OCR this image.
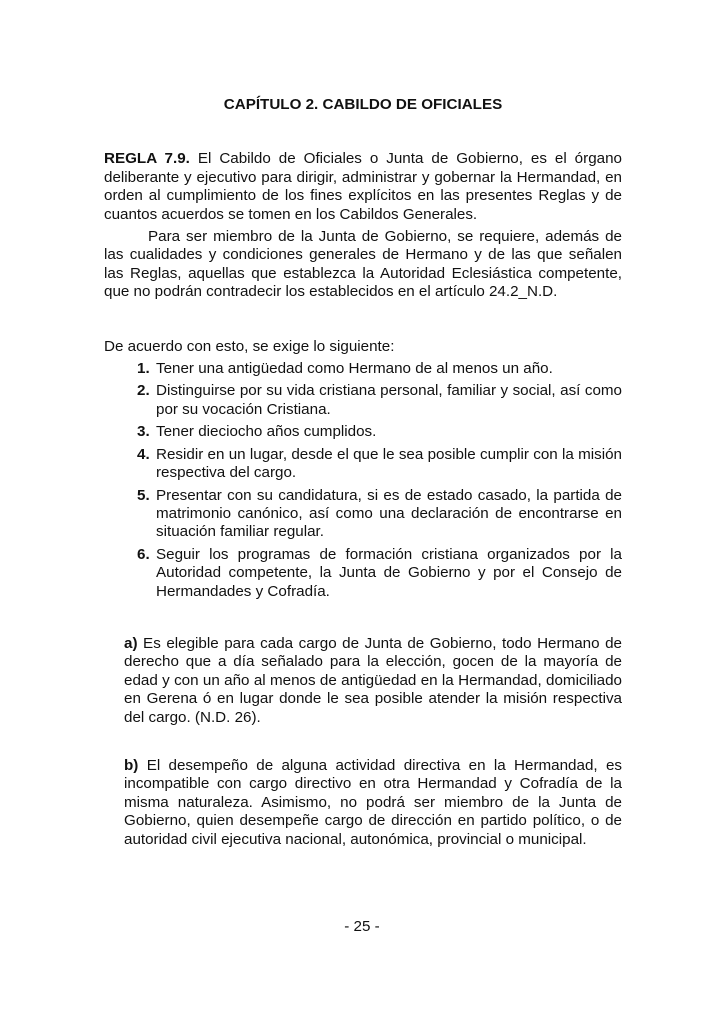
CAPÍTULO 2. CABILDO DE OFICIALES

REGLA 7.9. El Cabildo de Oficiales o Junta de Gobierno, es el órgano deliberante y ejecutivo para dirigir, administrar y gobernar la Hermandad, en orden al cumplimiento de los fines explícitos en las presentes Reglas y de cuantos acuerdos se tomen en los Cabildos Generales.

Para ser miembro de la Junta de Gobierno, se requiere, además de las cualidades y condiciones generales de Hermano y de las que señalen las Reglas, aquellas que establezca la Autoridad Eclesiástica competente, que no podrán contradecir los establecidos en el artículo 24.2_N.D.

De acuerdo con esto, se exige lo siguiente:

1. Tener una antigüedad como Hermano de al menos un año.
2. Distinguirse por su vida cristiana personal, familiar y social, así como por su vocación Cristiana.
3. Tener dieciocho años cumplidos.
4. Residir en un lugar, desde el que le sea posible cumplir con la misión respectiva del cargo.
5. Presentar con su candidatura, si es de estado casado, la partida de matrimonio canónico, así como una declaración de encontrarse en situación familiar regular.
6. Seguir los programas de formación cristiana organizados por la Autoridad competente, la Junta de Gobierno y por el Consejo de Hermandades y Cofradía.

a) Es elegible para cada cargo de Junta de Gobierno, todo Hermano de derecho que a día señalado para la elección, gocen de la mayoría de edad y con un año al menos de antigüedad en la Hermandad, domiciliado en Gerena ó en lugar donde le sea posible atender la misión respectiva del cargo. (N.D. 26).

b) El desempeño de alguna actividad directiva en la Hermandad, es incompatible con cargo directivo en otra Hermandad y Cofradía de la misma naturaleza. Asimismo, no podrá ser miembro de la Junta de Gobierno, quien desempeñe cargo de dirección en partido político, o de autoridad civil ejecutiva nacional, autonómica, provincial o municipal.

- 25 -
